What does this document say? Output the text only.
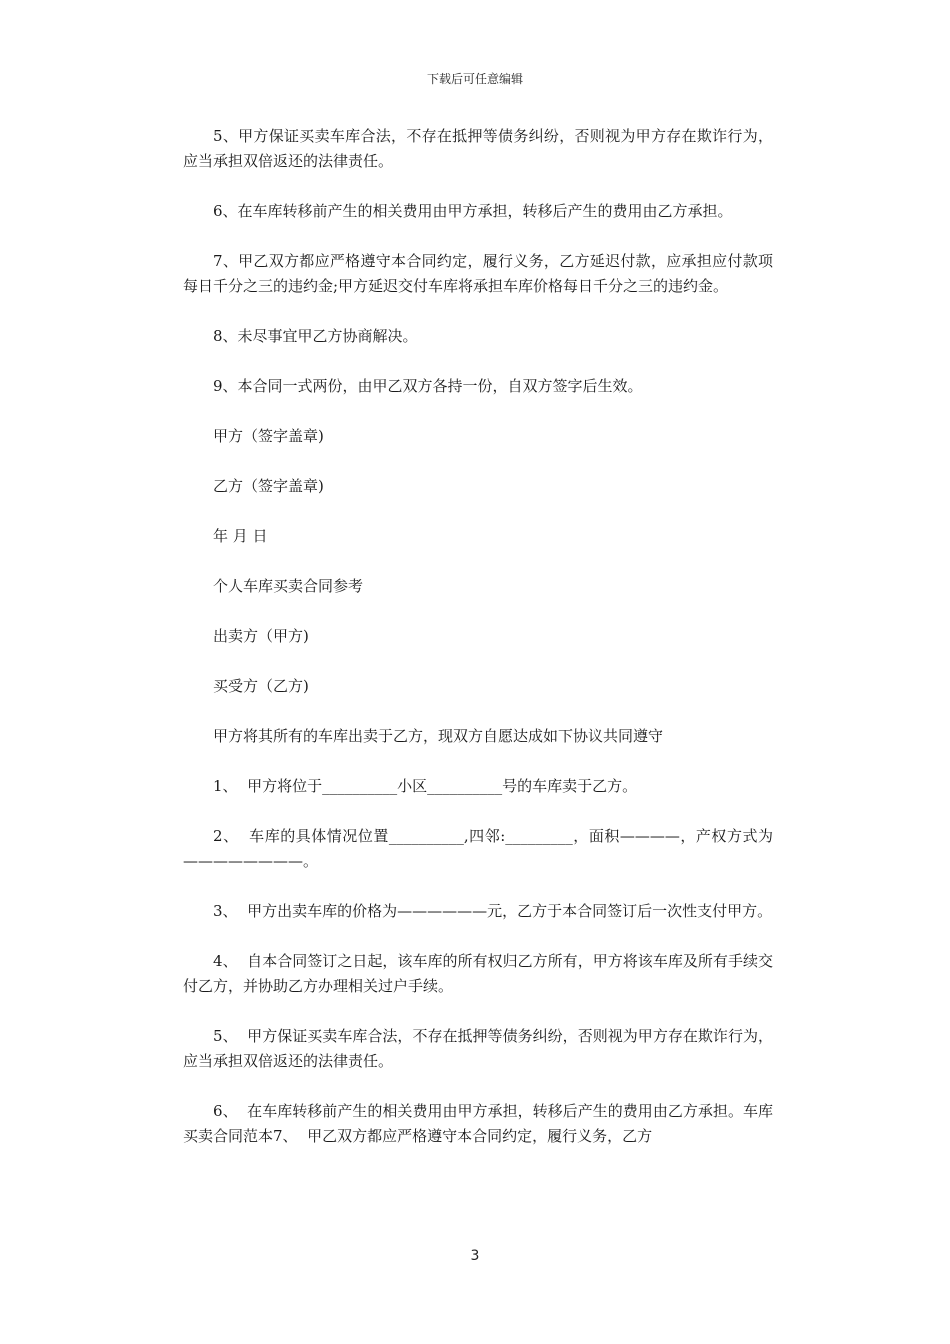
下载后可任意编辑

5、甲方保证买卖车库合法，不存在抵押等债务纠纷，否则视为甲方存在欺诈行为，应当承担双倍返还的法律责任。

6、在车库转移前产生的相关费用由甲方承担，转移后产生的费用由乙方承担。

7、甲乙双方都应严格遵守本合同约定，履行义务，乙方延迟付款，应承担应付款项每日千分之三的违约金;甲方延迟交付车库将承担车库价格每日千分之三的违约金。

8、未尽事宜甲乙方协商解决。

9、本合同一式两份，由甲乙双方各持一份，自双方签字后生效。

甲方（签字盖章)

乙方（签字盖章)

年 月 日

个人车库买卖合同参考

出卖方（甲方)

买受方（乙方)

甲方将其所有的车库出卖于乙方，现双方自愿达成如下协议共同遵守

1、  甲方将位于__________小区__________号的车库卖于乙方。

2、  车库的具体情况位置__________,四邻:_________，面积————，产权方式为————————。

3、  甲方出卖车库的价格为——————元，乙方于本合同签订后一次性支付甲方。

4、  自本合同签订之日起，该车库的所有权归乙方所有，甲方将该车库及所有手续交付乙方，并协助乙方办理相关过户手续。

5、  甲方保证买卖车库合法，不存在抵押等债务纠纷，否则视为甲方存在欺诈行为，应当承担双倍返还的法律责任。

6、  在车库转移前产生的相关费用由甲方承担，转移后产生的费用由乙方承担。车库买卖合同范本7、  甲乙双方都应严格遵守本合同约定，履行义务，乙方

3
